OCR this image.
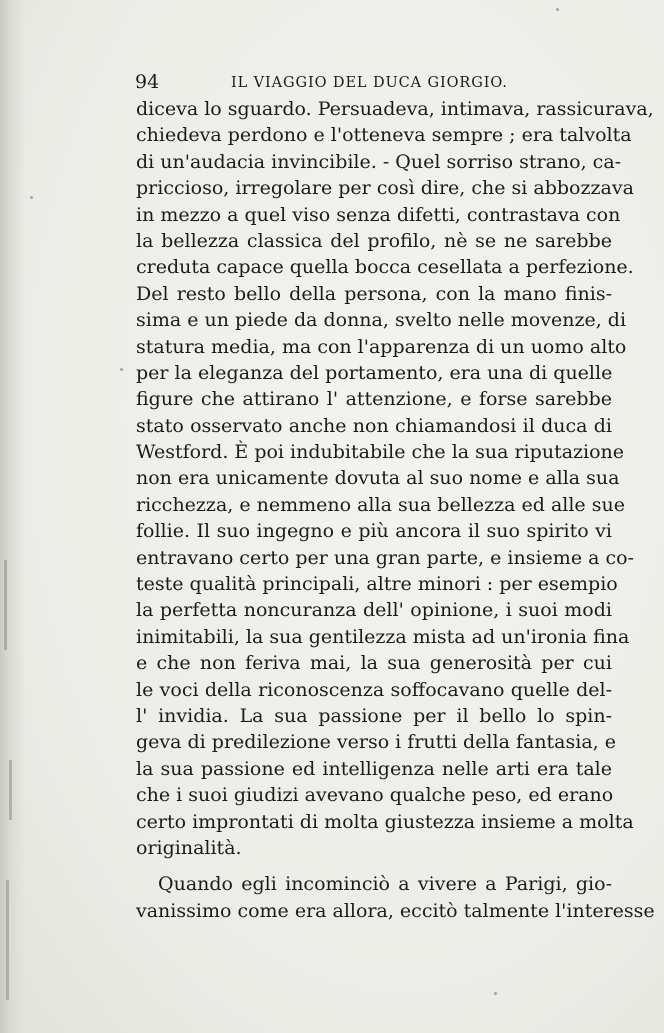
94	IL VIAGGIO DEL DUCA GIORGIO.
diceva lo sguardo. Persuadeva, intimava, rassicurava,
chiedeva perdono e l'otteneva sempre ; era talvolta
di un'audacia invincibile. - Quel sorriso strano, ca-
priccioso, irregolare per così dire, che si abbozzava
in mezzo a quel viso senza difetti, contrastava con
la bellezza classica del profilo, nè se ne sarebbe
creduta capace quella bocca cesellata a perfezione.
Del resto bello della persona, con la mano finis-
sima e un piede da donna, svelto nelle movenze, di
statura media, ma con l'apparenza di un uomo alto
per la eleganza del portamento, era una di quelle
figure che attirano l' attenzione, e forse sarebbe
stato osservato anche non chiamandosi il duca di
Westford. È poi indubitabile che la sua riputazione
non era unicamente dovuta al suo nome e alla sua
ricchezza, e nemmeno alla sua bellezza ed alle sue
follie. Il suo ingegno e più ancora il suo spirito vi
entravano certo per una gran parte, e insieme a co-
teste qualità principali, altre minori : per esempio
la perfetta noncuranza dell' opinione, i suoi modi
inimitabili, la sua gentilezza mista ad un'ironia fina
e che non feriva mai, la sua generosità per cui
le voci della riconoscenza soffocavano quelle del-
l' invidia. La sua passione per il bello lo spin-
geva di predilezione verso i frutti della fantasia, e
la sua passione ed intelligenza nelle arti era tale
che i suoi giudizi avevano qualche peso, ed erano
certo improntati di molta giustezza insieme a molta
originalità.
Quando egli incominciò a vivere a Parigi, gio-
vanissimo come era allora, eccitò talmente l'interesse
